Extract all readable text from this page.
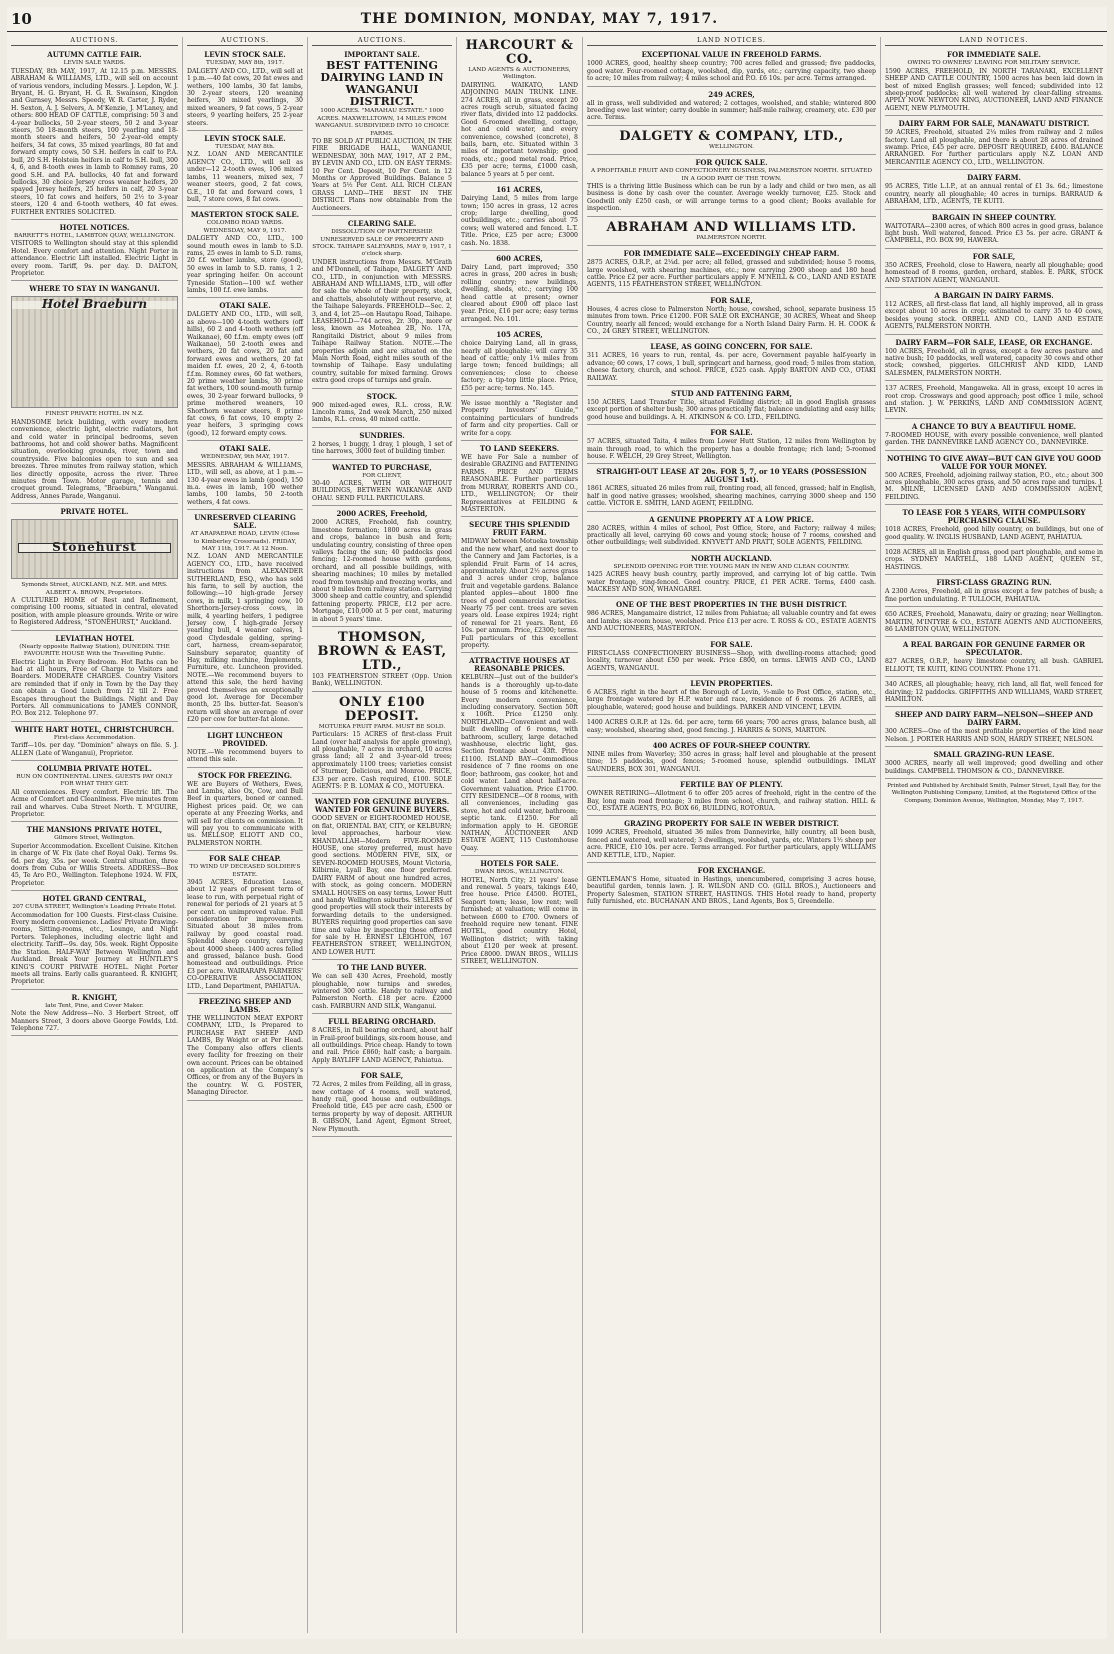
10	THE DOMINION, MONDAY, MAY 7, 1917.
AUCTIONS.
AUTUMN CATTLE FAIR.
LEVIN SALE YARDS.
TUESDAY, 8th MAY, 1917, At 12.15 p.m. MESSRS. ABRAHAM & WILLIAMS, LTD., will sell on account of various vendors, including Messrs. J. Lepdon, W. J. Bryant, H. G. Bryant, H. G. R. Swainson, Kingdon and Gurnsey, Messrs. Speedy, W. R. Carter, J. Ryder, H. Sexton, A. J. Selvers, A. M'Kenzie, J. M'Laney, and others: 800 HEAD OF CATTLE, comprising: 50 3 and 4-year bullocks, 50 2-year steers, 50 2 and 3-year steers, 50 18-month steers, 100 yearling and 18-month steers and heifers, 50 2-year-old empty heifers, 34 fat cows, 35 mixed yearlings, 80 fat and forward empty cows, 50 S.H. heifers in calf to P.A. bull, 20 S.H. Holstein heifers in calf to S.H. bull, 300 4, 6, and 8-tooth ewes in lamb to Romney rams, 20 good S.H. and P.A. bullocks, 40 fat and forward bullocks, 30 choice Jersey cross weaner heifers, 20 spayed Jersey heifers, 25 heifers in calf, 20 3-year steers, 10 fat cows and heifers, 50 2½ to 3-year steers, 120 4 and 6-tooth wethers, 40 fat ewes. FURTHER ENTRIES SOLICITED.
HOTEL NOTICES.
BARRETT'S HOTEL, LAMBTON QUAY, WELLINGTON.
VISITORS to Wellington should stay at this splendid Hotel. Every comfort and attention. Night Porter in attendance. Electric Lift installed. Electric Light in every room. Tariff, 9s. per day. D. DALTON, Proprietor.
WHERE TO STAY IN WANGANUI.
Hotel Braeburn
FINEST PRIVATE HOTEL IN N.Z.
HANDSOME brick building, with every modern convenience, electric light, electric radiators, hot and cold water in principal bedrooms, seven bathrooms, hot and cold shower baths. Magnificent situation, overlooking grounds, river, town and countryside. Five balconies open to sun and sea breezes. Three minutes from railway station, which lies directly opposite, across the river. Three minutes from Town. Motor garage, tennis and croquet ground. Telegrams, "Braeburn," Wanganui. Address, Annes Parade, Wanganui.
PRIVATE HOTEL.
Stonehurst
Symonds Street, AUCKLAND, N.Z. MR. and MRS. ALBERT A. BROWN, Proprietors.
A CULTURED HOME of Rest and Refinement, comprising 100 rooms, situated in central, elevated position, with ample pleasure grounds. Write or wire to Registered Address, "STONEHURST," Auckland.
LEVIATHAN HOTEL
(Nearly opposite Railway Station), DUNEDIN. THE FAVOURITE HOUSE With the Travelling Public.
Electric Light in Every Bedroom. Hot Baths can be had at all hours, Free of Charge to Visitors and Boarders. MODERATE CHARGES. Country Visitors are reminded that if only in Town by the Day they can obtain a Good Lunch from 12 till 2. Free Escapes throughout the Buildings. Night and Day Porters. All communications to JAMES CONNOR, P.O. Box 212. Telephone 97.
WHITE HART HOTEL, CHRISTCHURCH.
First-class Accommodation.
Tariff—10s. per day. "Dominion" always on file. S. J. ALLEN (Late of Wanganui), Proprietor.
COLUMBIA PRIVATE HOTEL.
RUN ON CONTINENTAL LINES. GUESTS PAY ONLY FOR WHAT THEY GET.
All conveniences. Every comfort. Electric lift. The Acme of Comfort and Cleanliness. Five minutes from rail and wharves. Cuba Street North. T. M'GUIRE, Proprietor.
THE MANSIONS PRIVATE HOTEL,
Gilmore Street, Wellington.
Superior Accommodation. Excellent Cuisine. Kitchen in charge of W. Fix (late chef Royal Oak). Terms 9s. 6d. per day, 35s. per week. Central situation, three doors from Cuba or Willis Streets. ADDRESS—Box 45, Te Aro P.O., Wellington. Telephone 1924. W. FIX, Proprietor.
HOTEL GRAND CENTRAL,
207 CUBA STREET, Wellington's Leading Private Hotel.
Accommodation for 100 Guests. First-class Cuisine. Every modern convenience. Ladies' Private Drawing-rooms, Sitting-rooms, etc., Lounge, and Night Porters. Telephones, including electric light and electricity. Tariff—9s. day, 50s. week. Right Opposite the Station. HALF-WAY Between Wellington and Auckland. Break Your Journey at HUNTLEY'S KING'S COURT PRIVATE HOTEL. Night Porter meets all trains. Early calls guaranteed. R. KNIGHT, Proprietor.
R. KNIGHT,
late Tent, Pine, and Cover Maker.
Note the New Address—No. 3 Herbert Street, off Manners Street, 3 doors above George Fowlds, Ltd. Telephone 727.
AUCTIONS.
LEVIN STOCK SALE.
TUESDAY, MAY 8th, 1917.
DALGETY AND CO., LTD., will sell at 1 p.m.—40 fat cows, 20 fat ewes and wethers, 100 lambs, 30 fat lambs, 30 2-year steers, 120 weaning heifers, 30 mixed yearlings, 30 mixed weaners, 9 fat cows, 5 2-year steers, 9 yearling heifers, 25 2-year steers.
LEVIN STOCK SALE.
TUESDAY, MAY 8th.
N.Z. LOAN AND MERCANTILE AGENCY CO., LTD., will sell as under—12 2-tooth ewes, 106 mixed lambs, 11 weaners, mixed sex, 7 weaner steers, good, 2 fat cows, G.E., 10 fat and forward cows, 1 bull, 7 store cows, 8 fat cows.
MASTERTON STOCK SALE.
COLOMBO ROAD YARDS. WEDNESDAY, MAY 9, 1917.
DALGETY AND CO., LTD., 100 sound mouth ewes in lamb to S.D. rams, 25 ewes in lamb to S.D. rams, 20 f.f. wether lambs, store (good), 50 ewes in lamb to S.D. rams, 1 2-year springing heifer. On account Tyneside Station—100 w.f. wether lambs, 100 f.f. ewe lambs.
OTAKI SALE.
DALGETY AND CO., LTD., will sell, as above—100 4-tooth wethers (off hills), 60 2 and 4-tooth wethers (off Waikanae), 60 f.f.m. empty ewes (off Waikanae), 50 2-tooth ewes and wethers, 20 fat cows, 20 fat and forward ewes and wethers, 20 fat maiden f.f. ewes, 20 2, 4, 6-tooth f.f.m. Romney ewes, 60 fat wethers, 20 prime weather lambs, 30 prime fat wethers, 100 sound-mouth turnip ewes, 30 2-year forward bullocks, 9 prime mothered weaners, 10 Shorthorn weaner steers, 8 prime fat cows, 6 fat cows, 10 empty 2-year heifers, 3 springing cows (good), 12 forward empty cows.
OTAKI SALE.
WEDNESDAY, 9th MAY, 1917.
MESSRS. ABRAHAM & WILLIAMS, LTD., will sell, as above, at 1 p.m.—130 4-year ewes in lamb (good), 150 m.a. ewes in lamb, 100 wether lambs, 100 lambs, 50 2-tooth wethers, 4 fat cows.
UNRESERVED CLEARING SALE.
AT ARAPAEPAE ROAD, LEVIN (Close to Kimberley Crossroads). FRIDAY, MAY 11th, 1917. At 12 Noon.
N.Z. LOAN AND MERCANTILE AGENCY CO., LTD., have received instructions from ALEXANDER SUTHERLAND, ESQ., who has sold his farm, to sell by auction, the following:—10 high-grade Jersey cows, in milk, 1 springing cow, 10 Shorthorn-Jersey-cross cows, in milk, 4 yearling heifers, 1 pedigree Jersey cow, 1 high-grade Jersey yearling bull, 4 weaner calves, 1 good Clydesdale gelding, spring-cart, harness, cream-separator, Sainsbury separator, quantity of Hay, milking machine, Implements, Furniture, etc. Luncheon provided. NOTE.—We recommend buyers to attend this sale, the herd having proved themselves an exceptionally good lot. Average for December month, 25 lbs. butter-fat. Season's return will show an average of over £20 per cow for butter-fat alone.
LIGHT LUNCHEON PROVIDED.
NOTE.—We recommend buyers to attend this sale.
STOCK FOR FREEZING.
WE are Buyers of Wethers, Ewes, and Lambs, also Ox, Cow, and Bull Beef in quarters, boned or canned. Highest prices paid. Or, we can operate at any Freezing Works, and will sell for clients on commission. It will pay you to communicate with us. MELLSOP, ELIOTT AND CO., PALMERSTON NORTH.
FOR SALE CHEAP.
TO WIND UP DECEASED SOLDIER'S ESTATE.
3945 ACRES, Education Lease, about 12 years of present term of lease to run, with perpetual right of renewal for periods of 21 years at 5 per cent. on unimproved value. Full consideration for improvements. Situated about 38 miles from railway by good coastal road. Splendid sheep country, carrying about 4000 sheep. 1400 acres felled and grassed, balance bush. Good homestead and outbuildings. Price £3 per acre. WAIRARAPA FARMERS' CO-OPERATIVE ASSOCIATION, LTD., Land Department, PAHIATUA.
FREEZING SHEEP AND LAMBS.
THE WELLINGTON MEAT EXPORT COMPANY, LTD., Is Prepared to PURCHASE FAT SHEEP AND LAMBS, By Weight or at Per Head. The Company also offers clients every facility for freezing on their own account. Prices can be obtained on application at the Company's Offices, or from any of the Buyers in the country. W. G. FOSTER, Managing Director.
AUCTIONS.
IMPORTANT SALE.
BEST FATTENING DAIRYING LAND IN WANGANUI DISTRICT.
1000 ACRES. "MARAHAU ESTATE." 1000 ACRES. MAXWELLTOWN, 14 MILES FROM WANGANUI. SUBDIVIDED INTO 10 CHOICE FARMS.
TO BE SOLD AT PUBLIC AUCTION, IN THE FIRE BRIGADE HALL, WANGANUI, WEDNESDAY, 30th MAY, 1917, AT 2 P.M., BY LEVIN AND CO., LTD. ON EASY TERMS: 10 Per Cent. Deposit, 10 Per Cent. in 12 Months or Approved Buildings. Balance 5 Years at 5½ Per Cent. ALL RICH CLEAN GRASS LAND—THE BEST IN THE DISTRICT. Plans now obtainable from the Auctioneers.
CLEARING SALE.
DISSOLUTION OF PARTNERSHIP. UNRESERVED SALE OF PROPERTY AND STOCK. TAIHAPE SALEYARDS, MAY 9, 1917, 1 o'clock sharp.
UNDER instructions from Messrs. M'Grath and M'Donnell, of Taihape, DALGETY AND CO., LTD., in conjunction with MESSRS. ABRAHAM AND WILLIAMS, LTD., will offer for sale the whole of their property, stock, and chattels, absolutely without reserve, at the Taihape Saleyards. FREEHOLD—Sec. 2, 3, and 4, lot 25—on Hautapu Road, Taihape. LEASEHOLD—744 acres, 2r. 30p., more or less, known as Moteahea 2B, No. 17A, Rangitaiki District, about 9 miles from Taihape Railway Station. NOTE.—The properties adjoin and are situated on the Main North Road, eight miles south of the township of Taihape. Easy undulating country, suitable for mixed farming. Grows extra good crops of turnips and grain.
STOCK.
900 mixed-aged ewes, R.L. cross, R.W. Lincoln rams, 2nd week March, 250 mixed lambs, R.L. cross, 40 mixed cattle.
SUNDRIES.
2 horses, 1 buggy, 1 dray, 1 plough, 1 set of tine harrows, 3000 feet of building timber.
WANTED TO PURCHASE,
FOR CLIENT,
30-40 ACRES, WITH OR WITHOUT BUILDINGS, BETWEEN WAIKANAE AND OHAU. SEND FULL PARTICULARS.
2000 ACRES, Freehold,
2000 ACRES, Freehold, fish country, limestone formation; 1800 acres in grass and crops, balance in bush and fern; undulating country, consisting of three open valleys facing the sun; 40 paddocks good fencing; 12-roomed house with gardens, orchard, and all possible buildings, with shearing machines; 10 miles by metalled road from township and freezing works, and about 9 miles from railway station. Carrying 3000 sheep and cattle country, and splendid fattening property. PRICE, £12 per acre. Mortgage, £10,000 at 5 per cent, maturing in about 5 years' time.
THOMSON, BROWN & EAST, LTD.,
103 FEATHERSTON STREET (Opp. Union Bank), WELLINGTON.
ONLY £100 DEPOSIT.
MOTUEKA FRUIT FARM. MUST BE SOLD.
Particulars: 15 ACRES of first-class Fruit Land (over half analysis for apple growing), all ploughable, 7 acres in orchard, 10 acres grass land; all 2 and 3-year-old trees; approximately 1100 trees; varieties consist of Sturmer, Delicious, and Monroe. PRICE, £33 per acre. Cash required, £100. SOLE AGENTS: P. B. LOMAX & CO., MOTUEKA.
WANTED FOR GENUINE BUYERS. WANTED FOR GENUINE BUYERS.
GOOD SEVEN or EIGHT-ROOMED HOUSE, on flat, ORIENTAL BAY, CITY, or KELBURN; level approaches, harbour view. KHANDALLAH—Modern FIVE-ROOMED HOUSE, one storey preferred, must have good sections. MODERN FIVE, SIX, or SEVEN-ROOMED HOUSES, Mount Victoria, Kilbirnie, Lyall Bay, one floor preferred. DAIRY FARM of about one hundred acres, with stock, as going concern. MODERN SMALL HOUSES on easy terms, Lower Hutt and handy Wellington suburbs. SELLERS of good properties will stock their interests by forwarding details to the undersigned. BUYERS requiring good properties can save time and value by inspecting those offered for sale by H. ERNEST LEIGHTON, 167 FEATHERSTON STREET, WELLINGTON, AND LOWER HUTT.
TO THE LAND BUYER.
We can sell 430 Acres, Freehold, mostly ploughable, now turnips and swedes, wintered 300 cattle. Handy to railway and Palmerston North. £18 per acre. £2000 cash. FAIRBURN AND SILK, Wanganui.
FULL BEARING ORCHARD.
8 ACRES, in full bearing orchard, about half in Frail-proof buildings, six-room house, and all outbuildings. Price cheap. Handy to town and rail. Price £860; half cash; a bargain. Apply BAYLIFF LAND AGENCY, Pahiatua.
FOR SALE,
72 Acres, 2 miles from Feilding, all in grass, new cottage of 4 rooms, well watered, handy rail, good house and outbuildings. Freehold title, £45 per acre cash, £500 or terms property by way of deposit. ARTHUR B. GIBSON, Land Agent, Egmont Street, New Plymouth.
HARCOURT & CO.
LAND AGENTS & AUCTIONEERS, Wellington.
DAIRYING. WAIKATO, LAND ADJOINING MAIN TRUNK LINE. 274 ACRES, all in grass, except 20 acres rough scrub, situated facing river flats, divided into 12 paddocks. Good 6-roomed dwelling, cottage, hot and cold water, and every convenience, cowshed (concrete), 8 bails, barn, etc. Situated within 3 miles of important township; good roads, etc.; good metal road. Price, £35 per acre; terms, £1000 cash, balance 5 years at 5 per cent.
161 ACRES,
Dairying Land, 5 miles from large town; 150 acres in grass, 12 acres crop; large dwelling, good outbuildings, etc.; carries about 75 cows; well watered and fenced. L.T. Title. Price, £25 per acre; £3000 cash. No. 1838.
600 ACRES,
Dairy Land, part improved; 350 acres in grass, 200 acres in bush; rolling country; new buildings, dwelling, sheds, etc.; carrying 100 head cattle at present; owner cleared about £900 off place last year. Price, £16 per acre; easy terms arranged. No. 101.
105 ACRES,
choice Dairying Land, all in grass, nearly all ploughable; will carry 35 head of cattle; only 1¼ miles from large town; fenced buildings; all conveniences; close to cheese factory; a tip-top little place. Price, £55 per acre; terms. No. 145.
We issue monthly a "Register and Property Investors' Guide," containing particulars of hundreds of farm and city properties. Call or write for a copy.
TO LAND SEEKERS.
WE have For Sale a number of desirable GRAZING and FATTENING FARMS. PRICE AND TERMS REASONABLE. Further particulars from MURRAY, ROBERTS AND CO., LTD., WELLINGTON; Or their Representatives at FEILDING & MASTERTON.
SECURE THIS SPLENDID FRUIT FARM.
MIDWAY between Motueka township and the new wharf, and next door to the Cannery and Jam Factories, is a splendid Fruit Farm of 14 acres, approximately. About 2½ acres grass and 3 acres under crop, balance fruit and vegetable gardens. Balance planted apples—about 1800 fine trees of good commercial varieties. Nearly 75 per cent. trees are seven years old. Lease expires 1924; right of renewal for 21 years. Rent, £6 10s. per annum. Price, £2300; terms. Full particulars of this excellent property.
ATTRACTIVE HOUSES AT REASONABLE PRICES.
KELBURN—Just out of the builder's hands is a thoroughly up-to-date house of 5 rooms and kitchenette. Every modern convenience, including conservatory. Section 50ft x 106ft. Price £1250 only. NORTHLAND—Convenient and well-built dwelling of 6 rooms, with bathroom, scullery, large detached washhouse, electric light, gas. Section frontage about 43ft. Price £1100. ISLAND BAY—Commodious residence of 7 fine rooms on one floor; bathroom, gas cooker, hot and cold water. Land about half-acre. Government valuation. Price £1700. CITY RESIDENCE—Of 8 rooms, with all conveniences, including gas stove, hot and cold water, bathroom; septic tank. £1250. For all information apply to H. GEORGE NATHAN, AUCTIONEER AND ESTATE AGENT, 115 Customhouse Quay.
HOTELS FOR SALE.
DWAN BROS., WELLINGTON.
HOTEL, North City; 21 years' lease and renewal. 5 years, takings £40, free house. Price £4500. HOTEL, Seaport town; lease, low rent; well furnished; at valuation; will come in between £600 to £700. Owners of freehold require new tenant. FINE HOTEL, good country Hotel, Wellington district; with taking about £120 per week at present. Price £8000. DWAN BROS., WILLIS STREET, WELLINGTON.
LAND NOTICES.
EXCEPTIONAL VALUE IN FREEHOLD FARMS.
1000 ACRES, good, healthy sheep country; 700 acres felled and grassed; five paddocks, good water. Four-roomed cottage, woolshed, dip, yards, etc.; carrying capacity, two sheep to acre; 10 miles from railway; 4 miles school and P.O. £6 10s. per acre. Terms arranged.
249 ACRES,
all in grass, well subdivided and watered; 2 cottages, woolshed, and stable; wintered 800 breeding ewe last winter; carry double in summer; half-mile railway, creamery, etc. £30 per acre. Terms.
DALGETY & COMPANY, LTD.,
WELLINGTON.
FOR QUICK SALE.
A PROFITABLE FRUIT AND CONFECTIONERY BUSINESS, PALMERSTON NORTH. SITUATED IN A GOOD PART OF THE TOWN.
THIS is a thriving little Business which can be run by a lady and child or two men, as all business is done by cash over the counter. Average weekly turnover, £25. Stock and Goodwill only £250 cash, or will arrange terms to a good client; Books available for inspection.
ABRAHAM AND WILLIAMS LTD.
PALMERSTON NORTH.
FOR IMMEDIATE SALE—EXCEEDINGLY CHEAP FARM.
2875 ACRES, O.R.P., at 2¼d. per acre; all felled, grassed and subdivided; house 5 rooms, large woolshed, with shearing machines, etc.; now carrying 2900 sheep and 180 head cattle. Price £2 per acre. Further particulars apply F. M'NEILL & CO., LAND AND ESTATE AGENTS, 115 FEATHERSTON STREET, WELLINGTON.
FOR SALE,
Houses, 4 acres close to Palmerston North; house, cowshed, school, separate business 15 minutes from town. Price £1200. FOR SALE OR EXCHANGE, 30 ACRES, Wheat and Sheep Country, nearly all fenced; would exchange for a North Island Dairy Farm. H. H. COOK & CO., 24 GREY STREET, WELLINGTON.
LEASE, AS GOING CONCERN, FOR SALE.
311 ACRES, 16 years to run, rental, 4s. per acre, Government payable half-yearly in advance; 60 cows, 17 cows, 1 bull, springcart and harness, good road; 5 miles from station, cheese factory, church, and school. PRICE, £525 cash. Apply BARTON AND CO., OTAKI RAILWAY.
STUD AND FATTENING FARM,
150 ACRES, Land Transfer Title, situated Feilding district; all in good English grasses except portion of shelter bush; 300 acres practically flat; balance undulating and easy hills; good house and buildings. A. H. ATKINSON & CO. LTD., FEILDING.
FOR SALE.
57 ACRES, situated Taita, 4 miles from Lower Hutt Station, 12 miles from Wellington by main through road, to which the property has a double frontage; rich land; 5-roomed house. F. WELCH, 29 Grey Street, Wellington.
STRAIGHT-OUT LEASE AT 20s. FOR 5, 7, or 10 YEARS (POSSESSION AUGUST 1st).
1861 ACRES, situated 26 miles from rail, fronting road, all fenced, grassed; half in English, half in good native grasses; woolshed, shearing machines, carrying 3000 sheep and 150 cattle. VICTOR E. SMITH, LAND AGENT, FEILDING.
A GENUINE PROPERTY AT A LOW PRICE.
280 ACRES, within 4 miles of school, Post Office, Store, and Factory; railway 4 miles; practically all level, carrying 60 cows and young stock; house of 7 rooms, cowshed and other outbuildings; well subdivided. KNYVETT AND PRATT, SOLE AGENTS, FEILDING.
NORTH AUCKLAND.
SPLENDID OPENING FOR THE YOUNG MAN IN NEW AND CLEAN COUNTRY.
1425 ACRES heavy bush country, partly improved, and carrying lot of big cattle. Twin water frontage, ring-fenced. Good country. PRICE, £1 PER ACRE. Terms, £400 cash. MACKESY AND SON, WHANGAREI.
ONE OF THE BEST PROPERTIES IN THE BUSH DISTRICT.
986 ACRES, Mangamaire district, 12 miles from Pahiatua; all valuable country and fat ewes and lambs; six-room house, woolshed. Price £13 per acre. T. ROSS & CO., ESTATE AGENTS AND AUCTIONEERS, MASTERTON.
FOR SALE.
FIRST-CLASS CONFECTIONERY BUSINESS—Shop, with dwelling-rooms attached; good locality, turnover about £50 per week. Price £800, on terms. LEWIS AND CO., LAND AGENTS, WANGANUI.
LEVIN PROPERTIES.
6 ACRES, right in the heart of the Borough of Levin, ½-mile to Post Office, station, etc., large frontage watered by H.P. water and race, residence of 6 rooms. 26 ACRES, all ploughable, watered; good house and buildings. PARKER AND VINCENT, LEVIN.
1400 ACRES O.R.P. at 12s. 6d. per acre, term 66 years; 700 acres grass, balance bush, all easy; woolshed, shearing shed, good fencing. J. HARRIS & SONS, MARTON.
400 ACRES OF FOUR-SHEEP COUNTRY.
NINE miles from Waverley; 350 acres in grass; half level and ploughable at the present time; 15 paddocks, good fences; 5-roomed house, splendid outbuildings. IMLAY SAUNDERS, BOX 301, WANGANUI.
FERTILE BAY OF PLENTY.
OWNER RETIRING—Allotment 6 to offer 205 acres of freehold, right in the centre of the Bay, long main road frontage; 3 miles from school, church, and railway station. HILL & CO., ESTATE AGENTS, P.O. BOX 66, BUILDING, ROTORUA.
GRAZING PROPERTY FOR SALE IN WEBER DISTRICT.
1099 ACRES, Freehold, situated 36 miles from Dannevirke, hilly country, all been bush, fenced and watered, well watered; 3 dwellings, woolshed, yards, etc. Winters 1½ sheep per acre. PRICE, £10 10s. per acre. Terms arranged. For further particulars, apply WILLIAMS AND KETTLE, LTD., Napier.
FOR EXCHANGE.
GENTLEMAN'S Home, situated in Hastings, unencumbered, comprising 3 acres house, beautiful garden, tennis lawn. J. R. WILSON AND CO. (GILL BROS.), Auctioneers and Property Salesmen, STATION STREET, HASTINGS. THIS Hotel ready to hand, property fully furnished, etc. BUCHANAN AND BROS., Land Agents, Box 5, Greendelle.
LAND NOTICES.
FOR IMMEDIATE SALE.
OWING TO OWNERS' LEAVING FOR MILITARY SERVICE.
1590 ACRES, FREEHOLD, IN NORTH TARANAKI, EXCELLENT SHEEP AND CATTLE COUNTRY, 1500 acres has been laid down in best of mixed English grasses; well fenced; subdivided into 12 sheep-proof paddocks; all well watered by clear-falling streams. APPLY NOW. NEWTON KING, AUCTIONEER, LAND AND FINANCE AGENT, NEW PLYMOUTH.
DAIRY FARM FOR SALE, MANAWATU DISTRICT.
59 ACRES, Freehold, situated 2¼ miles from railway and 2 miles factory. Land all ploughable, and there is about 28 acres of drained swamp. Price, £45 per acre. DEPOSIT REQUIRED, £400. BALANCE ARRANGED. For further particulars apply N.Z. LOAN AND MERCANTILE AGENCY CO., LTD., WELLINGTON.
DAIRY FARM.
95 ACRES, Title L.I.P., at an annual rental of £1 3s. 6d.; limestone country, nearly all ploughable; 40 acres in turnips. BARRAUD & ABRAHAM, LTD., AGENTS, TE KUITI.
BARGAIN IN SHEEP COUNTRY.
WAITOTARA—2300 acres, of which 800 acres in good grass, balance light bush. Well watered, fenced. Price £3 5s. per acre. GRANT & CAMPBELL, P.O. BOX 99, HAWERA.
FOR SALE,
350 ACRES, Freehold, close to Hawera, nearly all ploughable; good homestead of 8 rooms, garden, orchard, stables. E. PARK, STOCK AND STATION AGENT, WANGANUI.
A BARGAIN IN DAIRY FARMS.
112 ACRES, all first-class flat land, all highly improved, all in grass except about 10 acres in crop; estimated to carry 35 to 40 cows, besides young stock. ORBELL AND CO., LAND AND ESTATE AGENTS, PALMERSTON NORTH.
DAIRY FARM—FOR SALE, LEASE, OR EXCHANGE.
100 ACRES, Freehold, all in grass, except a few acres pasture and native bush; 10 paddocks, well watered, capacity 30 cows and other stock; cowshed, piggeries. GILCHRIST AND KIDD, LAND SALESMEN, PALMERSTON NORTH.
137 ACRES, Freehold, Mangaweka. All in grass, except 10 acres in root crop. Crossways and good approach; post office 1 mile, school and station. J. W. PERKINS, LAND AND COMMISSION AGENT, LEVIN.
A CHANCE TO BUY A BEAUTIFUL HOME.
7-ROOMED HOUSE, with every possible convenience, well planted garden. THE DANNEVIRKE LAND AGENCY CO., DANNEVIRKE.
NOTHING TO GIVE AWAY—BUT CAN GIVE YOU GOOD VALUE FOR YOUR MONEY.
500 ACRES, Freehold, adjoining railway station, P.O., etc.; about 300 acres ploughable, 300 acres grass, and 50 acres rape and turnips. J. M. MILNE, LICENSED LAND AND COMMISSION AGENT, FEILDING.
TO LEASE FOR 5 YEARS, WITH COMPULSORY PURCHASING CLAUSE.
1018 ACRES, Freehold, good hilly country, on buildings, but one of good quality. W. INGLIS HUSBAND, LAND AGENT, PAHIATUA.
1028 ACRES, all in English grass, good part ploughable, and some in crops. SYDNEY MARTELL, 188 LAND AGENT, QUEEN ST., HASTINGS.
FIRST-CLASS GRAZING RUN.
A 2300 Acres, Freehold, all in grass except a few patches of bush; a fine portion undulating. P. TULLOCH, PAHIATUA.
650 ACRES, Freehold, Manawatu, dairy or grazing; near Wellington. MARTIN, M'INTYRE & CO., ESTATE AGENTS AND AUCTIONEERS, 86 LAMBTON QUAY, WELLINGTON.
A REAL BARGAIN FOR GENUINE FARMER OR SPECULATOR.
827 ACRES, O.R.P., heavy limestone country, all bush. GABRIEL ELLIOTT, TE KUITI, KING COUNTRY. Phone 171.
340 ACRES, all ploughable; heavy, rich land, all flat, well fenced for dairying; 12 paddocks. GRIFFITHS AND WILLIAMS, WARD STREET, HAMILTON.
SHEEP AND DAIRY FARM—NELSON—SHEEP AND DAIRY FARM.
300 ACRES—One of the most profitable properties of the kind near Nelson. J. PORTER HARRIS AND SON, HARDY STREET, NELSON.
SMALL GRAZING-RUN LEASE.
3000 ACRES, nearly all well improved; good dwelling and other buildings. CAMPBELL THOMSON & CO., DANNEVIRKE.
Printed and Published by Archibald Smith, Palmer Street, Lyall Bay, for the Wellington Publishing Company, Limited, at the Registered Office of the Company, Dominion Avenue, Wellington, Monday, May 7, 1917.
